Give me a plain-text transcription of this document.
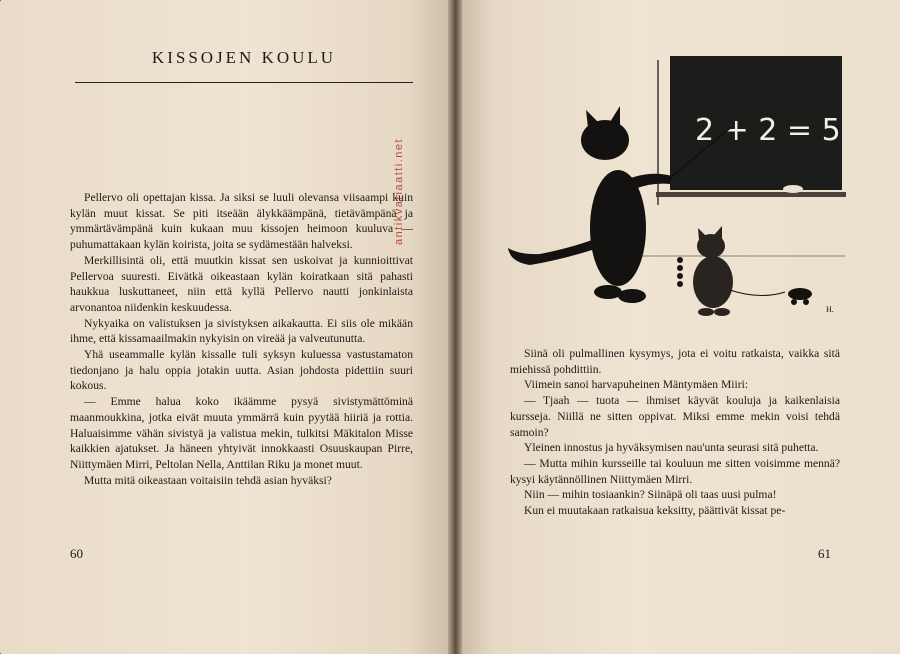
KISSOJEN KOULU

Pellervo oli opettajan kissa. Ja siksi se luuli olevansa viisaampi kuin kylän muut kissat. Se piti itseään älykkäämpänä, tietävämpänä ja ymmärtävämpänä kuin kukaan muu kissojen heimoon kuuluva — puhumattakaan kylän koirista, joita se sydämestään halveksi.

Merkillisintä oli, että muutkin kissat sen uskoivat ja kunnioittivat Pellervoa suuresti. Eivätkä oikeastaan kylän koiratkaan sitä pahasti haukkua luskuttaneet, niin että kyllä Pellervo nautti jonkinlaista arvonantoa niidenkin keskuudessa.

Nykyaika on valistuksen ja sivistyksen aikakautta. Ei siis ole mikään ihme, että kissamaailmakin nykyisin on vireää ja valveutunutta.

Yhä useammalle kylän kissalle tuli syksyn kuluessa vastustamaton tiedonjano ja halu oppia jotakin uutta. Asian johdosta pidettiin suuri kokous.

— Emme halua koko ikäämme pysyä sivistymättöminä maanmoukkina, jotka eivät muuta ymmärrä kuin pyytää hiiriä ja rottia. Haluaisimme vähän sivistyä ja valistua mekin, tulkitsi Mäkitalon Misse kaikkien ajatukset. Ja häneen yhtyivät innokkaasti Osuuskaupan Pirre, Niittymäen Mirri, Peltolan Nella, Anttilan Riku ja monet muut.

Mutta mitä oikeastaan voitaisiin tehdä asian hyväksi?

antikvariaatti.net
60
2 + 2 = 5
H.

Siinä oli pulmallinen kysymys, jota ei voitu ratkaista, vaikka sitä miehissä pohdittiin.

Viimein sanoi harvapuheinen Mäntymäen Miiri:

— Tjaah — tuota — ihmiset käyvät kouluja ja kaikenlaisia kursseja. Niillä ne sitten oppivat. Miksi emme mekin voisi tehdä samoin?

Yleinen innostus ja hyväksymisen nau'unta seurasi sitä puhetta.

— Mutta mihin kursseille tai kouluun me sitten voisimme mennä? kysyi käytännöllinen Niittymäen Mirri.

Niin — mihin tosiaankin? Siinäpä oli taas uusi pulma!

Kun ei muutakaan ratkaisua keksitty, päättivät kissat pe-

61
